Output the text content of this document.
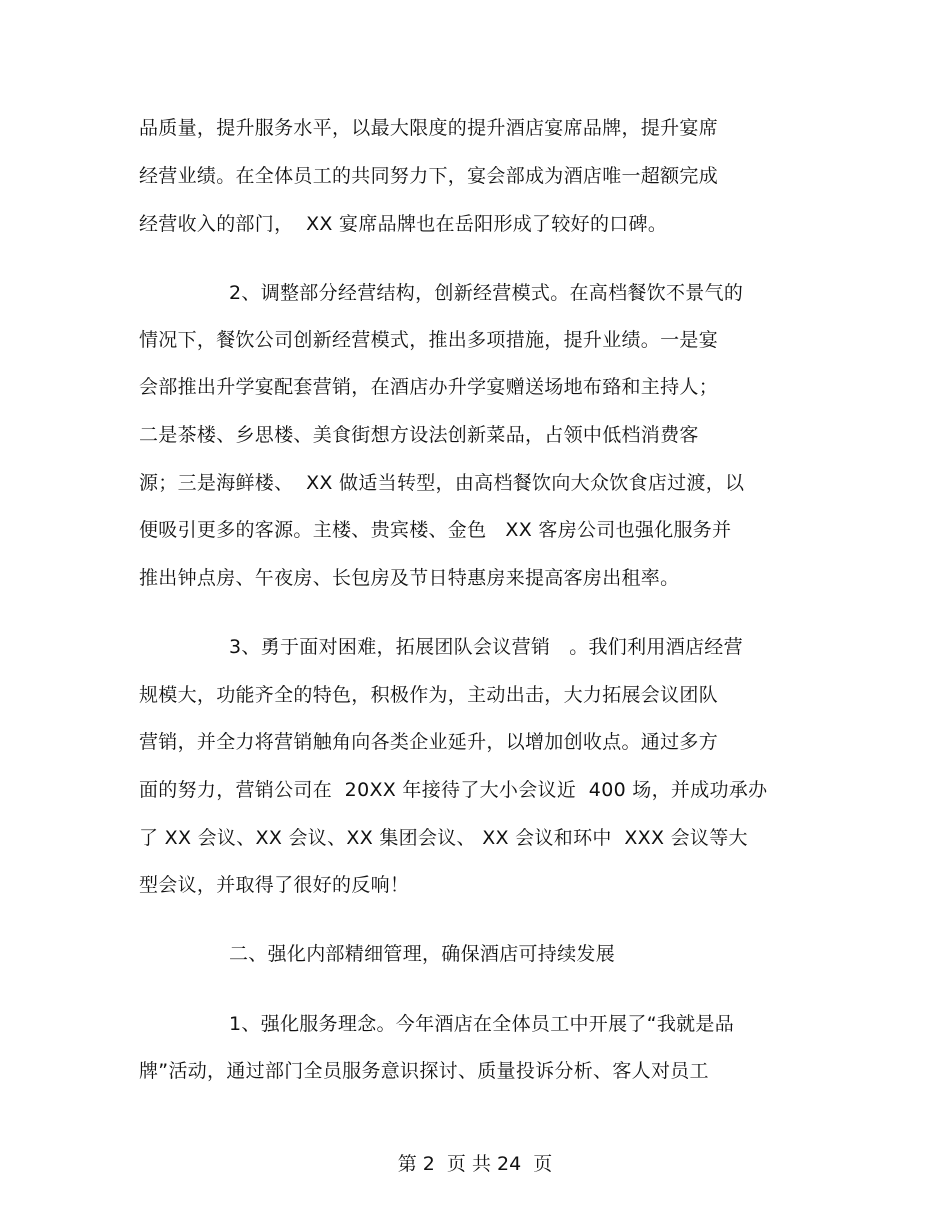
品质量，提升服务水平，以最大限度的提升酒店宴席品牌，提升宴席
经营业绩。在全体员工的共同努力下，宴会部成为酒店唯一超额完成
经营收入的部门，  XX 宴席品牌也在岳阳形成了较好的口碑。
2、调整部分经营结构，创新经营模式。在高档餐饮不景气的
情况下，餐饮公司创新经营模式，推出多项措施，提升业绩。一是宴
会部推出升学宴配套营销，在酒店办升学宴赠送场地布臵和主持人；
二是茶楼、乡思楼、美食街想方设法创新菜品，占领中低档消费客
源；三是海鲜楼、  XX 做适当转型，由高档餐饮向大众饮食店过渡，以
便吸引更多的客源。主楼、贵宾楼、金色   XX 客房公司也强化服务并
推出钟点房、午夜房、长包房及节日特惠房来提高客房出租率。
3、勇于面对困难，拓展团队会议营销   。我们利用酒店经营
规模大，功能齐全的特色，积极作为，主动出击，大力拓展会议团队
营销，并全力将营销触角向各类企业延升，以增加创收点。通过多方
面的努力，营销公司在  20XX 年接待了大小会议近  400 场，并成功承办
了 XX 会议、XX 会议、XX 集团会议、 XX 会议和环中  XXX 会议等大
型会议，并取得了很好的反响！
二、强化内部精细管理，确保酒店可持续发展
1、强化服务理念。今年酒店在全体员工中开展了“我就是品
牌”活动，通过部门全员服务意识探讨、质量投诉分析、客人对员工
第 2  页 共 24  页
